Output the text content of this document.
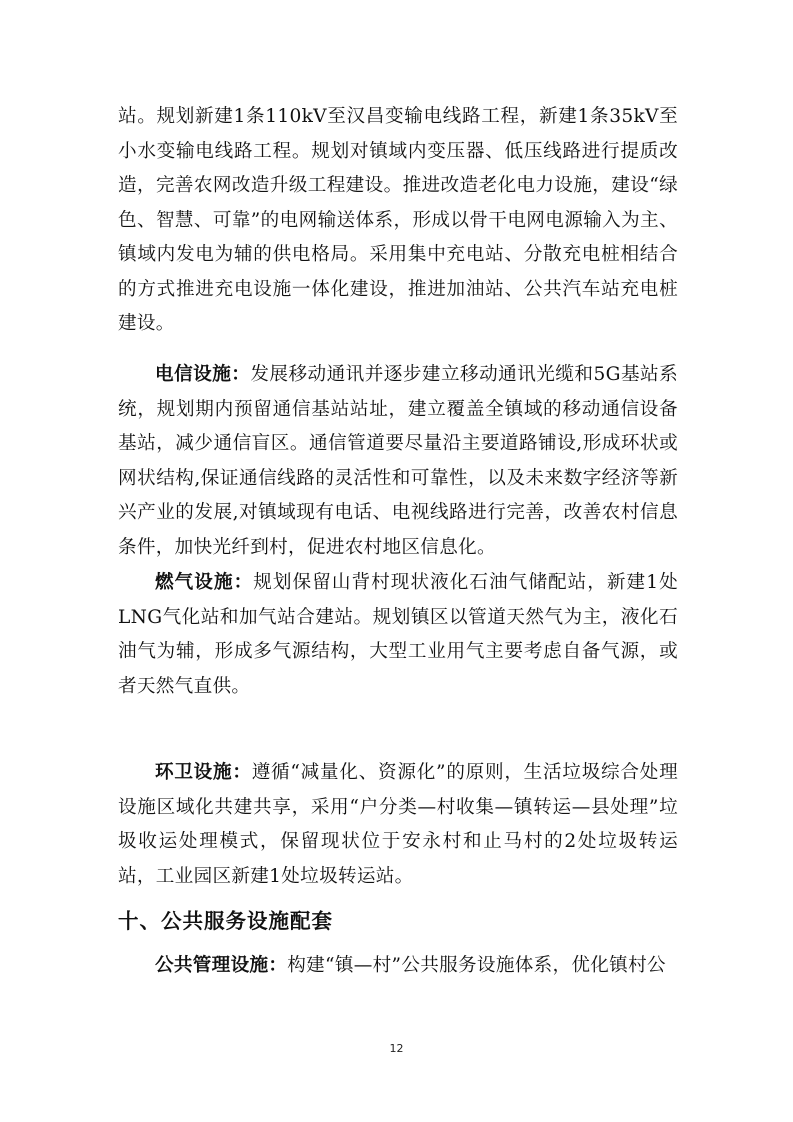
站。规划新建1条110kV至汉昌变输电线路工程，新建1条35kV至小水变输电线路工程。规划对镇域内变压器、低压线路进行提质改造，完善农网改造升级工程建设。推进改造老化电力设施，建设“绿色、智慧、可靠”的电网输送体系，形成以骨干电网电源输入为主、镇域内发电为辅的供电格局。采用集中充电站、分散充电桩相结合的方式推进充电设施一体化建设，推进加油站、公共汽车站充电桩建设。

电信设施：发展移动通讯并逐步建立移动通讯光缆和5G基站系统，规划期内预留通信基站站址，建立覆盖全镇域的移动通信设备基站，减少通信盲区。通信管道要尽量沿主要道路铺设,形成环状或网状结构,保证通信线路的灵活性和可靠性，以及未来数字经济等新兴产业的发展,对镇域现有电话、电视线路进行完善，改善农村信息条件，加快光纤到村，促进农村地区信息化。

燃气设施：规划保留山背村现状液化石油气储配站，新建1处LNG气化站和加气站合建站。规划镇区以管道天然气为主，液化石油气为辅，形成多气源结构，大型工业用气主要考虑自备气源，或者天然气直供。

环卫设施：遵循“减量化、资源化”的原则，生活垃圾综合处理设施区域化共建共享，采用“户分类—村收集—镇转运—县处理”垃圾收运处理模式，保留现状位于安永村和止马村的2处垃圾转运站，工业园区新建1处垃圾转运站。

十、公共服务设施配套

公共管理设施：构建“镇—村”公共服务设施体系，优化镇村公

12
